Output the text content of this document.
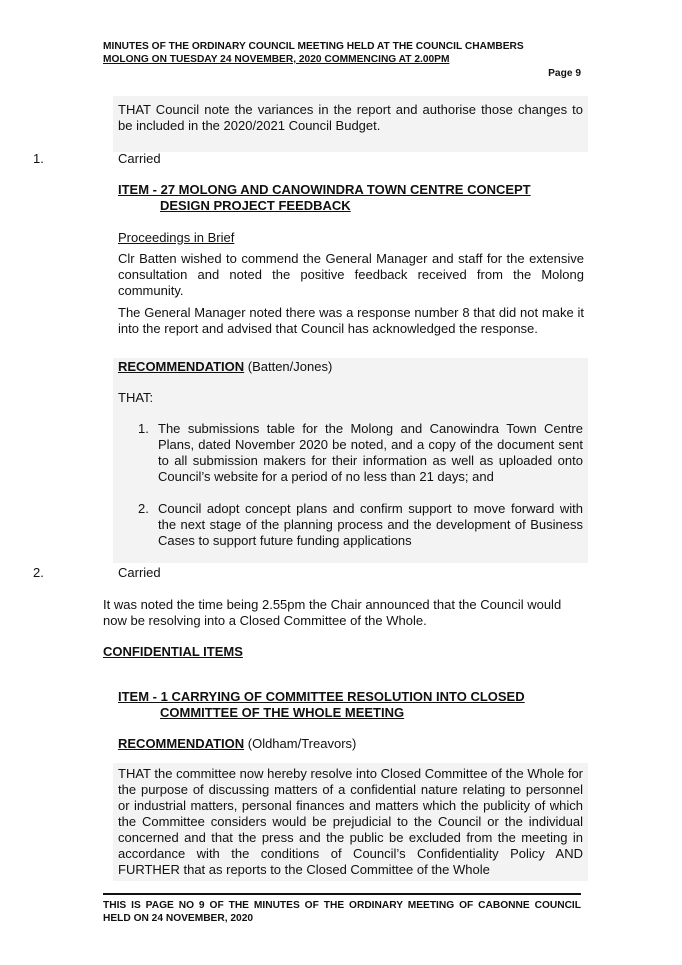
MINUTES OF THE ORDINARY COUNCIL MEETING HELD AT THE COUNCIL CHAMBERS
MOLONG ON TUESDAY 24 NOVEMBER, 2020 COMMENCING AT 2.00PM
Page 9
THAT Council note the variances in the report and authorise those changes to be included in the 2020/2021 Council Budget.
1.	Carried
ITEM - 27 MOLONG AND CANOWINDRA TOWN CENTRE CONCEPT
DESIGN PROJECT FEEDBACK
Proceedings in Brief
Clr Batten wished to commend the General Manager and staff for the extensive consultation and noted the positive feedback received from the Molong community.
The General Manager noted there was a response number 8 that did not make it into the report and advised that Council has acknowledged the response.
RECOMMENDATION (Batten/Jones)
THAT:
1. The submissions table for the Molong and Canowindra Town Centre Plans, dated November 2020 be noted, and a copy of the document sent to all submission makers for their information as well as uploaded onto Council’s website for a period of no less than 21 days; and
2. Council adopt concept plans and confirm support to move forward with the next stage of the planning process and the development of Business Cases to support future funding applications
2.	Carried
It was noted the time being 2.55pm the Chair announced that the Council would now be resolving into a Closed Committee of the Whole.
CONFIDENTIAL ITEMS
ITEM - 1 CARRYING OF COMMITTEE RESOLUTION INTO CLOSED
COMMITTEE OF THE WHOLE MEETING
RECOMMENDATION (Oldham/Treavors)
THAT the committee now hereby resolve into Closed Committee of the Whole for the purpose of discussing matters of a confidential nature relating to personnel or industrial matters, personal finances and matters which the publicity of which the Committee considers would be prejudicial to the Council or the individual concerned and that the press and the public be excluded from the meeting in accordance with the conditions of Council’s Confidentiality Policy AND FURTHER that as reports to the Closed Committee of the Whole
THIS IS PAGE NO 9 OF THE MINUTES OF THE ORDINARY MEETING OF CABONNE COUNCIL HELD ON 24 NOVEMBER, 2020
